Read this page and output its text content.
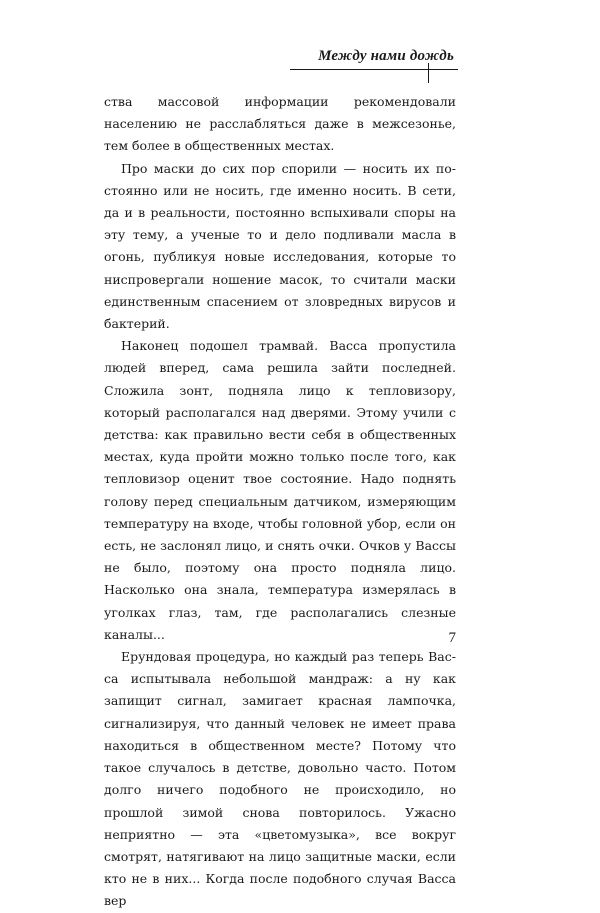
Между нами дождь

ства массовой информации рекомендовали населению не расслабляться даже в межсезонье, тем более в общественных местах.

Про маски до сих пор спорили — носить их постоянно или не носить, где именно носить. В сети, да и в реальности, постоянно вспыхивали споры на эту тему, а ученые то и дело подливали масла в огонь, публикуя новые исследования, которые то ниспровергали ношение масок, то считали маски единственным спасением от зловредных вирусов и бактерий.

Наконец подошел трамвай. Васса пропустила людей вперед, сама решила зайти последней. Сложила зонт, подняла лицо к тепловизору, который располагался над дверями. Этому учили с детства: как правильно вести себя в общественных местах, куда пройти можно только после того, как тепловизор оценит твое состояние. Надо поднять голову перед специальным датчиком, измеряющим температуру на входе, чтобы головной убор, если он есть, не заслонял лицо, и снять очки. Очков у Вассы не было, поэтому она просто подняла лицо. Насколько она знала, температура измерялась в уголках глаз, там, где располагались слезные каналы...

Ерундовая процедура, но каждый раз теперь Васса испытывала небольшой мандраж: а ну как запищит сигнал, замигает красная лампочка, сигнализируя, что данный человек не имеет права находиться в общественном месте? Потому что такое случалось в детстве, довольно часто. Потом долго ничего подобного не происходило, но прошлой зимой снова повторилось. Ужасно неприятно — эта «цветомузыка», все вокруг смотрят, натягивают на лицо защитные маски, если кто не в них... Когда после подобного случая Васса вер

7
